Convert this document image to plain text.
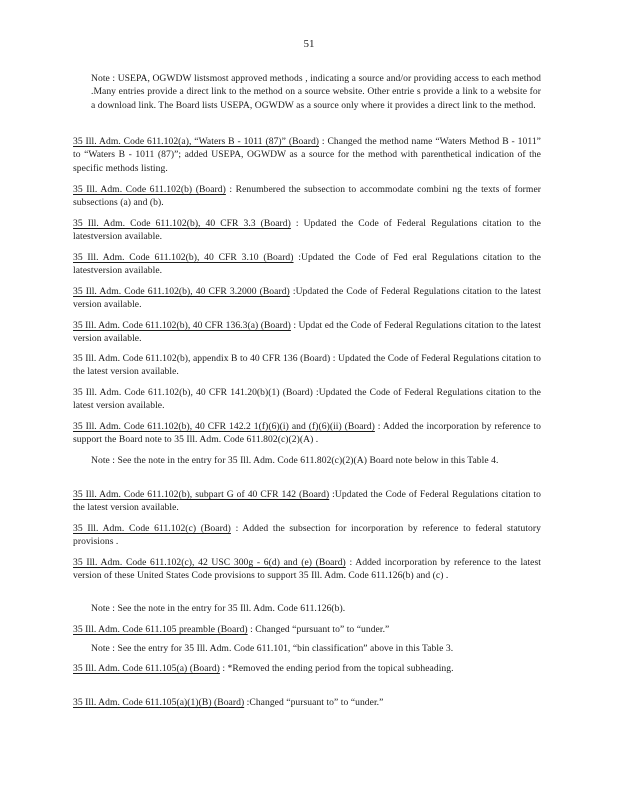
51
Note : USEPA, OGWDW listsmost approved methods , indicating a source and/or providing access to each method .Many entries provide a direct link to the method on a source website. Other entrie s provide a link to a website for a download link. The Board lists USEPA, OGWDW as a source only where it provides a direct link to the method.
35 Ill. Adm. Code 611.102(a), “Waters B - 1011 (87)” (Board) : Changed the method name “Waters Method B - 1011” to “Waters B - 1011 (87)”; added USEPA, OGWDW as a source for the method with parenthetical indication of the specific methods listing.
35 Ill. Adm. Code 611.102(b) (Board) : Renumbered the subsection to accommodate combini ng the texts of former subsections (a) and (b).
35 Ill. Adm. Code 611.102(b), 40 CFR 3.3 (Board) : Updated the Code of Federal Regulations citation to the latestversion available.
35 Ill. Adm. Code 611.102(b), 40 CFR 3.10 (Board) :Updated the Code of Fed eral Regulations citation to the latestversion available.
35 Ill. Adm. Code 611.102(b), 40 CFR 3.2000 (Board) :Updated the Code of Federal Regulations citation to the latest version available.
35 Ill. Adm. Code 611.102(b), 40 CFR 136.3(a) (Board) : Updat ed the Code of Federal Regulations citation to the latest version available.
35 Ill. Adm. Code 611.102(b), appendix B to 40 CFR 136 (Board) : Updated the Code of Federal Regulations citation to the latest version available.
35 Ill. Adm. Code 611.102(b), 40 CFR 141.20(b)(1) (Board) :Updated the Code of Federal Regulations citation to the latest version available.
35 Ill. Adm. Code 611.102(b), 40 CFR 142.2 1(f)(6)(i) and (f)(6)(ii) (Board) : Added the incorporation by reference to support the Board note to 35 Ill. Adm. Code 611.802(c)(2)(A) .
Note : See the note in the entry for 35 Ill. Adm. Code 611.802(c)(2)(A) Board note below in this Table 4.
35 Ill. Adm. Code 611.102(b), subpart G of 40 CFR 142 (Board) :Updated the Code of Federal Regulations citation to the latest version available.
35 Ill. Adm. Code 611.102(c) (Board) : Added the subsection for incorporation by reference to federal statutory provisions .
35 Ill. Adm. Code 611.102(c), 42 USC 300g - 6(d) and (e) (Board) : Added incorporation by reference to the latest version of these United States Code provisions to support 35 Ill. Adm. Code 611.126(b) and (c) .
Note : See the note in the entry for 35 Ill. Adm. Code 611.126(b).
35 Ill. Adm. Code 611.105 preamble (Board) : Changed “pursuant to” to “under.”
Note : See the entry for 35 Ill. Adm. Code 611.101, “bin classification” above in this Table 3.
35 Ill. Adm. Code 611.105(a) (Board) : *Removed the ending period from the topical subheading.
35 Ill. Adm. Code 611.105(a)(1)(B) (Board) :Changed “pursuant to” to “under.”
